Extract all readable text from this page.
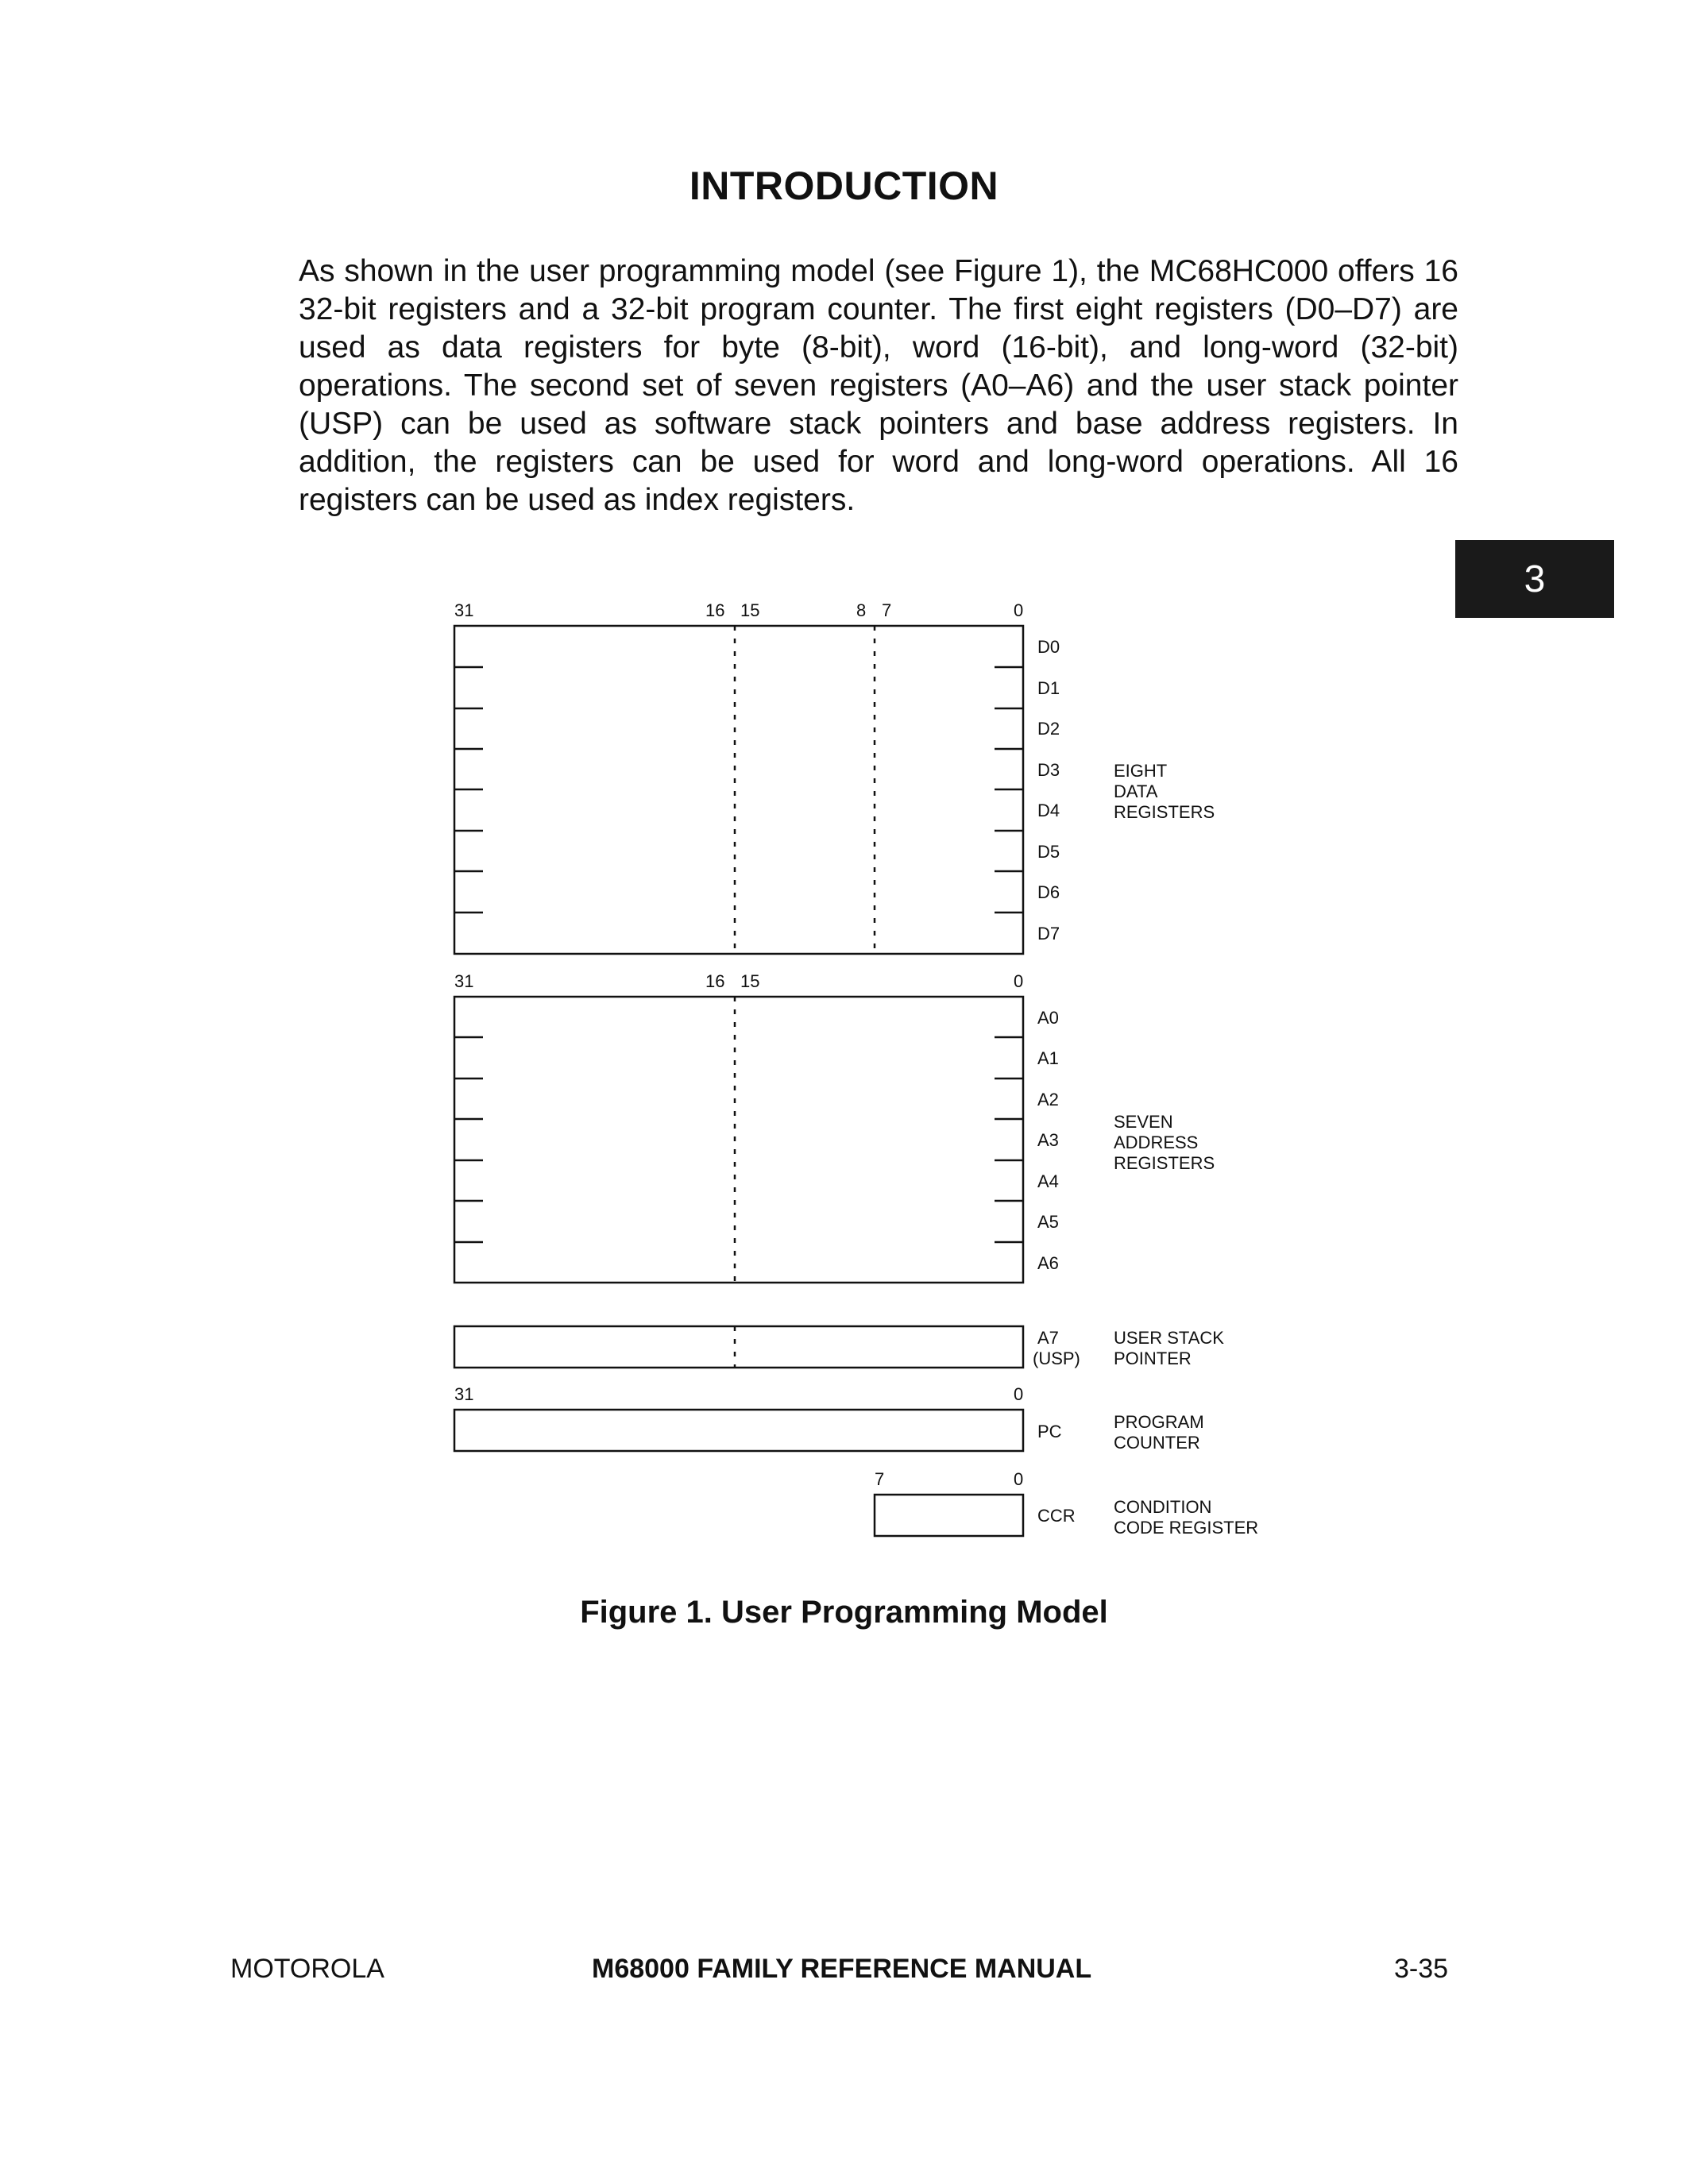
INTRODUCTION
As shown in the user programming model (see Figure 1), the MC68HC000 offers 16 32-bit registers and a 32-bit program counter. The first eight registers (D0–D7) are used as data registers for byte (8-bit), word (16-bit), and long-word (32-bit) operations. The second set of seven registers (A0–A6) and the user stack pointer (USP) can be used as software stack pointers and base address registers. In addition, the registers can be used for word and long-word operations. All 16 registers can be used as index registers.
3
31	16 15	8 7	0
D0
D1
D2
D3
D4
D5
D6
D7
EIGHT
DATA
REGISTERS
31	16 15	0
A0
A1
A2
A3
A4
A5
A6
SEVEN
ADDRESS
REGISTERS
A7
(USP)
USER STACK
POINTER
31	0
PC	PROGRAM
COUNTER
7	0
CCR CONDITION
CODE REGISTER
Figure 1. User Programming Model
MOTOROLA	M68000 FAMILY REFERENCE MANUAL	3-35
